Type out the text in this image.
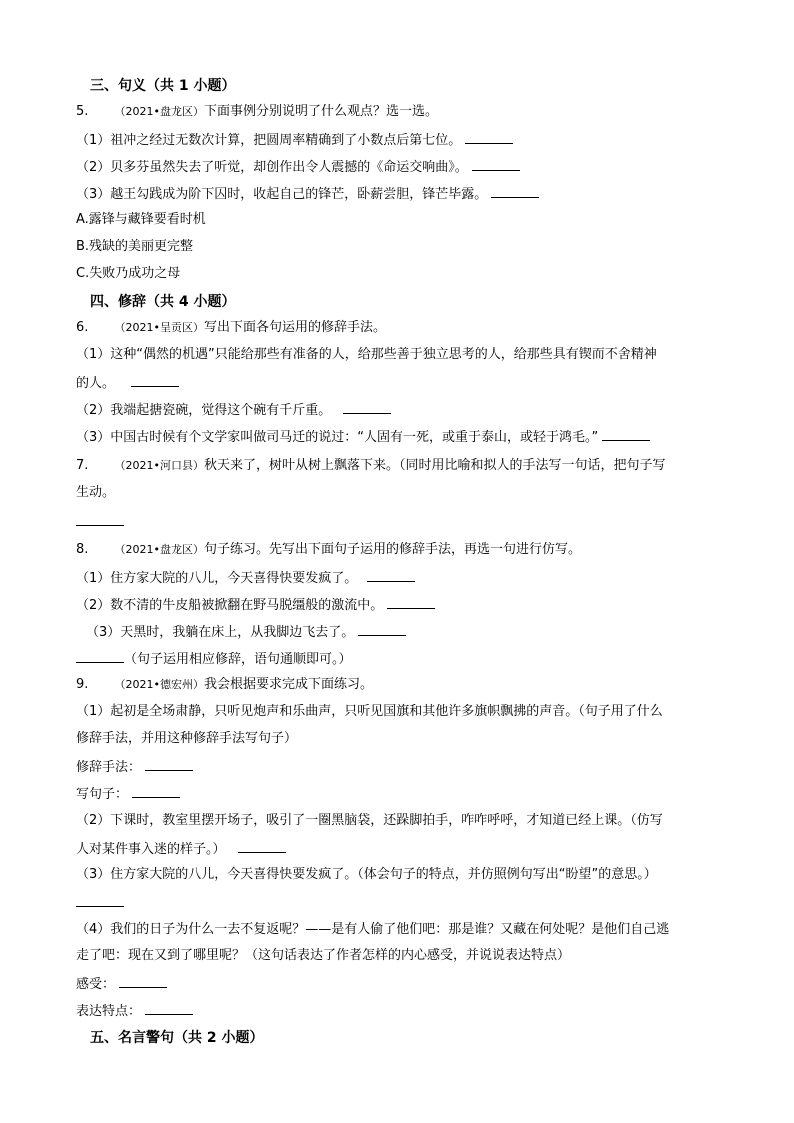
三、句义（共 1 小题）
5. （2021•盘龙区）下面事例分别说明了什么观点？选一选。
（1）祖冲之经过无数次计算，把圆周率精确到了小数点后第七位。
（2）贝多芬虽然失去了听觉，却创作出令人震撼的《命运交响曲》。
（3）越王勾践成为阶下囚时，收起自己的锋芒，卧薪尝胆，锋芒毕露。
A.露锋与藏锋要看时机
B.残缺的美丽更完整
C.失败乃成功之母
四、修辞（共 4 小题）
6. （2021•呈贡区）写出下面各句运用的修辞手法。
（1）这种“偶然的机遇”只能给那些有准备的人，给那些善于独立思考的人，给那些具有锲而不舍精神
的人。
（2）我端起搪瓷碗，觉得这个碗有千斤重。
（3）中国古时候有个文学家叫做司马迁的说过：“人固有一死，或重于泰山，或轻于鸿毛。”
7. （2021•河口县）秋天来了，树叶从树上飘落下来。（同时用比喻和拟人的手法写一句话，把句子写
生动。
8. （2021•盘龙区）句子练习。先写出下面句子运用的修辞手法，再选一句进行仿写。
（1）住方家大院的八儿，今天喜得快要发疯了。
（2）数不清的牛皮船被掀翻在野马脱缰般的激流中。
（3）天黑时，我躺在床上，从我脚边飞去了。
（句子运用相应修辞，语句通顺即可。）
9. （2021•德宏州）我会根据要求完成下面练习。
（1）起初是全场肃静，只听见炮声和乐曲声，只听见国旗和其他许多旗帜飘拂的声音。（句子用了什么
修辞手法，并用这种修辞手法写句子）
修辞手法：
写句子：
（2）下课时，教室里摆开场子，吸引了一圈黑脑袋，还跺脚拍手，咋咋呼呼，才知道已经上课。（仿写
人对某件事入迷的样子。）
（3）住方家大院的八儿，今天喜得快要发疯了。（体会句子的特点，并仿照例句写出“盼望”的意思。）
（4）我们的日子为什么一去不复返呢？——是有人偷了他们吧：那是谁？又藏在何处呢？是他们自己逃
走了吧：现在又到了哪里呢？（这句话表达了作者怎样的内心感受，并说说表达特点）
感受：
表达特点：
五、名言警句（共 2 小题）
